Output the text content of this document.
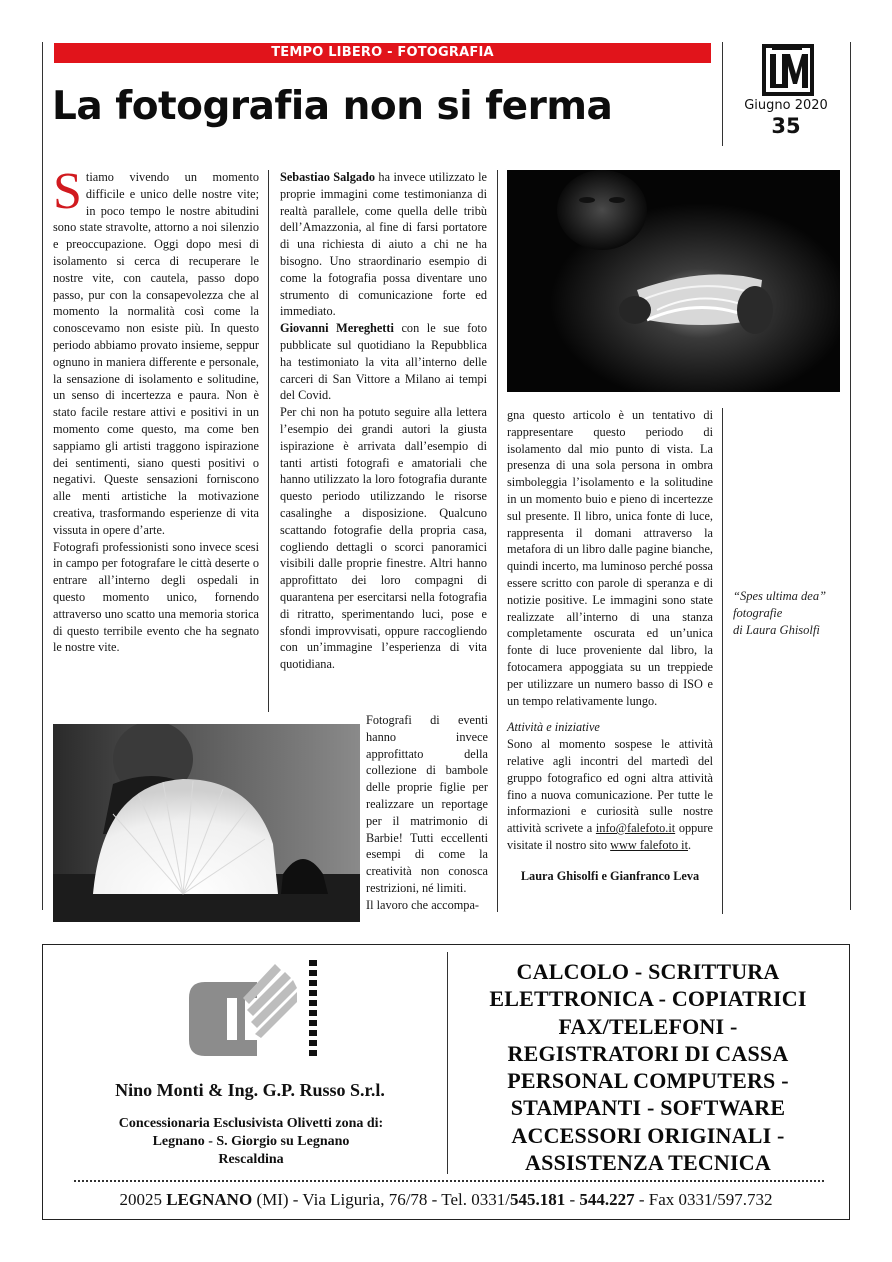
TEMPO LIBERO - FOTOGRAFIA
La fotografia non si ferma	Giugno 2020
35

Stiamo vivendo un momento difficile e unico delle nostre vite; in poco tempo le nostre abitudini sono state stravolte, attorno a noi silenzio e preoccupazione. Oggi dopo mesi di isolamento si cerca di recuperare le nostre vite, con cautela, passo dopo passo, pur con la consapevolezza che al momento la normalità così come la conoscevamo non esiste più. In questo periodo abbiamo provato insieme, seppur ognuno in maniera differente e personale, la sensazione di isolamento e solitudine, un senso di incertezza e paura. Non è stato facile restare attivi e positivi in un momento come questo, ma come ben sappiamo gli artisti traggono ispirazione dei sentimenti, siano questi positivi o negativi. Queste sensazioni forniscono alle menti artistiche la motivazione creativa, trasformando esperienze di vita vissuta in opere d’arte.

Fotografi professionisti sono invece scesi in campo per fotografare le città deserte o entrare all’interno degli ospedali in questo momento unico, fornendo attraverso uno scatto una memoria storica di questo terribile evento che ha segnato le nostre vite.

Sebastiao Salgado ha invece utilizzato le proprie immagini come testimonianza di realtà parallele, come quella delle tribù dell’Amazzonia, al fine di farsi portatore di una richiesta di aiuto a chi ne ha bisogno. Uno straordinario esempio di come la fotografia possa diventare uno strumento di comunicazione forte ed immediato.

Giovanni Mereghetti con le sue foto pubblicate sul quotidiano la Repubblica ha testimoniato la vita all’interno delle carceri di San Vittore a Milano ai tempi del Covid.

Per chi non ha potuto seguire alla lettera l’esempio dei grandi autori la giusta ispirazione è arrivata dall’esempio di tanti artisti fotografi e amatoriali che hanno utilizzato la loro fotografia durante questo periodo utilizzando le risorse casalinghe a disposizione. Qualcuno scattando fotografie della propria casa, cogliendo dettagli o scorci panoramici visibili dalle proprie finestre. Altri hanno approfittato dei loro compagni di quarantena per esercitarsi nella fotografia di ritratto, sperimentando luci, pose e sfondi improvvisati, oppure raccogliendo con un’immagine l’esperienza di vita quotidiana.

Fotografi di eventi hanno invece approfittato della collezione di bambole delle proprie figlie per realizzare un reportage per il matrimonio di Barbie! Tutti eccellenti esempi di come la creatività non conosca restrizioni, né limiti.

Il lavoro che accompa-

gna questo articolo è un tentativo di rappresentare questo periodo di isolamento dal mio punto di vista. La presenza di una sola persona in ombra simboleggia l’isolamento e la solitudine in un momento buio e pieno di incertezze sul presente. Il libro, unica fonte di luce, rappresenta il domani attraverso la metafora di un libro dalle pagine bianche, quindi incerto, ma luminoso perché possa essere scritto con parole di speranza e di notizie positive. Le immagini sono state realizzate all’interno di una stanza completamente oscurata ed un’unica fonte di luce proveniente dal libro, la fotocamera appoggiata su un treppiede per utilizzare un numero basso di ISO e un tempo relativamente lungo.

Attività e iniziative

Sono al momento sospese le attività relative agli incontri del martedì del gruppo fotografico ed ogni altra attività fino a nuova comunicazione. Per tutte le informazioni e curiosità sulle nostre attività scrivete a info@falefoto.it oppure visitate il nostro sito www falefoto it.

Laura Ghisolfi e Gianfranco Leva

“Spes ultima dea”
fotografie
di Laura Ghisolfi
Nino Monti & Ing. G.P. Russo S.r.l.
Concessionaria Esclusivista Olivetti zona di:
Legnano - S. Giorgio su Legnano
Rescaldina
CALCOLO - SCRITTURA
ELETTRONICA - COPIATRICI
FAX/TELEFONI -
REGISTRATORI DI CASSA
PERSONAL COMPUTERS -
STAMPANTI - SOFTWARE
ACCESSORI ORIGINALI -
ASSISTENZA TECNICA
20025 LEGNANO (MI) - Via Liguria, 76/78 - Tel. 0331/545.181 - 544.227 - Fax 0331/597.732
